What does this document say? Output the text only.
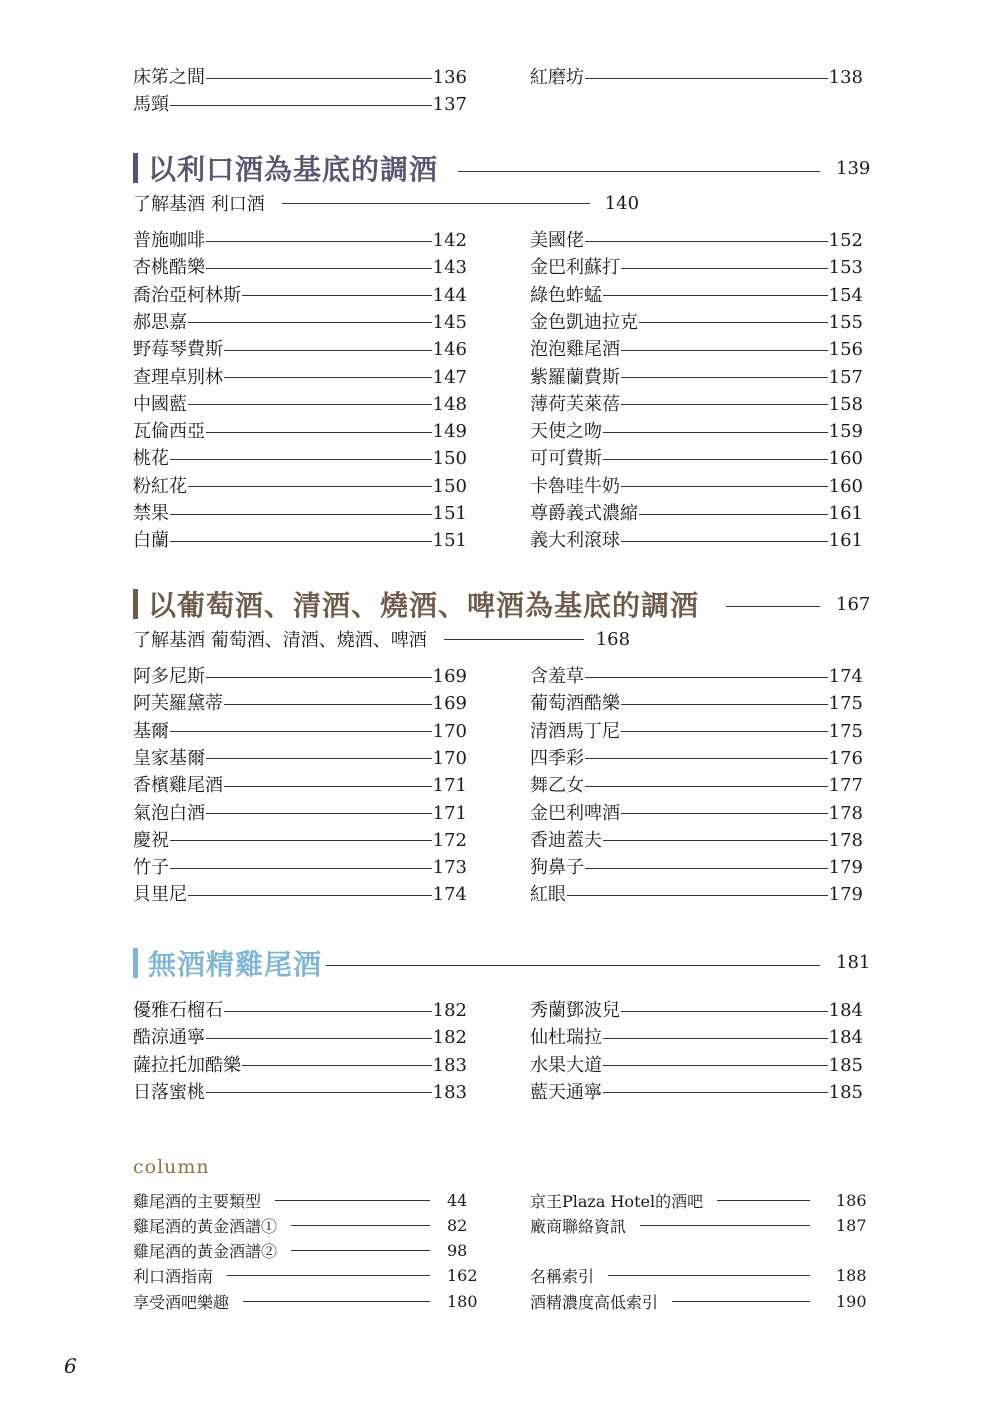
床笫之間	136
馬頸	137
紅磨坊	138
以利口酒為基底的調酒	139
了解基酒 利口酒	140
普施咖啡	142
杏桃酷樂	143
喬治亞柯林斯	144
郝思嘉	145
野莓琴費斯	146
查理卓別林	147
中國藍	148
瓦倫西亞	149
桃花	150
粉紅花	150
禁果	151
白蘭	151
美國佬	152
金巴利蘇打	153
綠色蚱蜢	154
金色凱迪拉克	155
泡泡雞尾酒	156
紫羅蘭費斯	157
薄荷芙萊蓓	158
天使之吻	159
可可費斯	160
卡魯哇牛奶	160
尊爵義式濃縮	161
義大利滾球	161
以葡萄酒、清酒、燒酒、啤酒為基底的調酒	167
了解基酒 葡萄酒、清酒、燒酒、啤酒	168
阿多尼斯	169
阿芙羅黛蒂	169
基爾	170
皇家基爾	170
香檳雞尾酒	171
氣泡白酒	171
慶祝	172
竹子	173
貝里尼	174
含羞草	174
葡萄酒酷樂	175
清酒馬丁尼	175
四季彩	176
舞乙女	177
金巴利啤酒	178
香迪蓋夫	178
狗鼻子	179
紅眼	179
無酒精雞尾酒	181
優雅石榴石	182
酷涼通寧	182
薩拉托加酷樂	183
日落蜜桃	183
秀蘭鄧波兒	184
仙杜瑞拉	184
水果大道	185
藍天通寧	185
column
雞尾酒的主要類型	44
雞尾酒的黃金酒譜①	82
雞尾酒的黃金酒譜②	98
利口酒指南	162
享受酒吧樂趣	180
京王Plaza Hotel的酒吧	186
廠商聯絡資訊	187
名稱索引	188
酒精濃度高低索引	190
6
